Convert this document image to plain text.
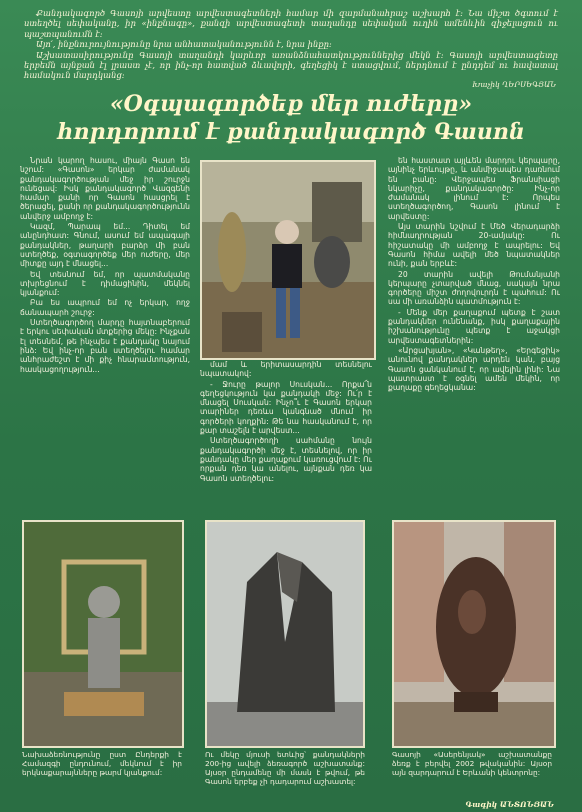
Քանդակագործ Գասոյի արվեստը արվեստագետների համար մի զարմանահրաշ աշխարհ է: Նա միշտ ծգտում է ստեղծել սեփականը, իր «ինքնագը», քանզի արվեստագետի տաղանդը սեփական ուղին ամենևին զիջելացուն ու պաշտպանումն է:

Այո՛, ինքնուրույնությունը նրա անհատականությունն է, նրա ինքը:

Աշխատասիրությունը Գասոյի տաղանդի կարևոր առանձնահատկություններից մեկն է: Գասոյի արվեստագետը երբեմն այնքան էլ լրաստ չէ, որ ինչ-որ հատված ձևավորի, գեղեցիկ է ստացվում, ներդնում է ընդդեմ ու հավատալ համակուն մարդկանց:

Խաչիկ ՂԵՐՍԵԳՅԱՆ
«Օգպագործեք մեր ուժերը»
հորդորում է քանդակագործ Գասոն

Նրան կարող հասու, միայն Գասո են նշում: «Գասոն» երկար ժամանակ քանդակագործության մեջ իր շուրջն ունեցավ: Իսկ քանդակագործ Վազգենի համար քանի որ Գասոն հասցրել է ծերացել, քանի որ քանդակագործությունն անվերջ ամբողջ է:

Կազմ, Պարապ եմ... Դիտել եմ անընդհատ: Գնում, ասում եմ ապագայի քանդակներ, թաղարի բարձր մի բան ստեղծեք, օգտագործեք մեր ուժերը, մեր միտքը այդ է մնացել...

Եվ տեսնում եմ, որ պատմականը տխրեցնում է դիմացինին, մեկնել կյանքում:

Բա ես ապրում եմ ոչ երկար, ողջ ճանապարհ շուրջ:

Ստեղծագործող մարդը հայտնաբերում է երկու սեփական մտքերից մեկը: Ինչքան էլ տեսնեմ, թե ինչպես է քանդակը նայում ինձ: Եվ ինչ-որ բան ստեղծելու համար անհրաժեշտ է մի քիչ հնարամտություն, հասկացողություն...

մամ և երիտասարդին տեսնելու նպատակով:

- Ջուրը թալոր Սուսկան... Որքա՜ն գեղեցկություն կա քանդակի մեջ: Ու՛ր է մնացել Սուսկան: Ինչո՞ւ է Գասոն երկար տարիներ դեռևս կանգնած մնում իր գործերի կողքին: Թե նա հասկանում է, որ քար տաշելն է արվեստ...

Ստեղծագործողի սահմանը նույն քանդակագործի մեջ է, տեսնելով, որ իր քանդակը մեր քաղաքում կառուցվում է: Ու որքան դեռ կա անելու, այնքան դեռ կա Գասոն ստեղծելու:

են հաստատ այլևեն մարդու կերպարը, այնինչ երևույթը, և անմիջապես դառնում են բանը: Վերջապես Ֆրանսիացի նկարիչը, քանդակագործը: Ինչ-որ ժամանակ լինում է: Որպես ստեղծագործող, Գասոն լինում է արվեստը:

Այս տարին նշվում է Մեծ Վերադարձի հիմնադրության 20-ամյակը: Ու հիշատակը մի ամբողջ է ապրելու: Եվ Գասոն հիմա ավելի մեծ նպատակներ ունի, քան երբևէ:

20 տարին ավելի Թումանյանի կերպարը չտարված մնաց, սակայն նրա գործերը միշտ ժողովուրդն է պահում: Ու սա մի առանձին պատմություն է:

- Մենք մեր քաղաքում պետք է շատ քանդակներ ունենանք, իսկ քաղաքային իշխանությունը պետք է աջակցի արվեստագետներին:

«Արցախյան», «Կանթեղ», «Երգեցիկ» անունով քանդակներ արդեն կան, բայց Գասոն ցանկանում է, որ ավելին լինի: Նա պատրաստ է օգնել ամեն մեկին, որ քաղաքը գեղեցկանա:

Նախաձեռնությունը ըստ Ընդերքի է Համազգի ընդունում, մեկնում է իր երկնաքարայնները թարմ կյանքում:
Ու մեկը մյուսի ետևից՝ քանդակների 200-ից ավելի ձեռագործ աշխատանք: Այսօր ընդամենը մի մասն է թվում, թե Գասոն երբեք չի դադարում աշխատել:
Գասոյի «Ասերենյակ» աշխատանքը ձեռք է բերվել 2002 թվականին: Այսօր այն զարդարում է Երևանի կենտրոնը:
Գագիկ ԱՆՏՈՆՅԱՆ
